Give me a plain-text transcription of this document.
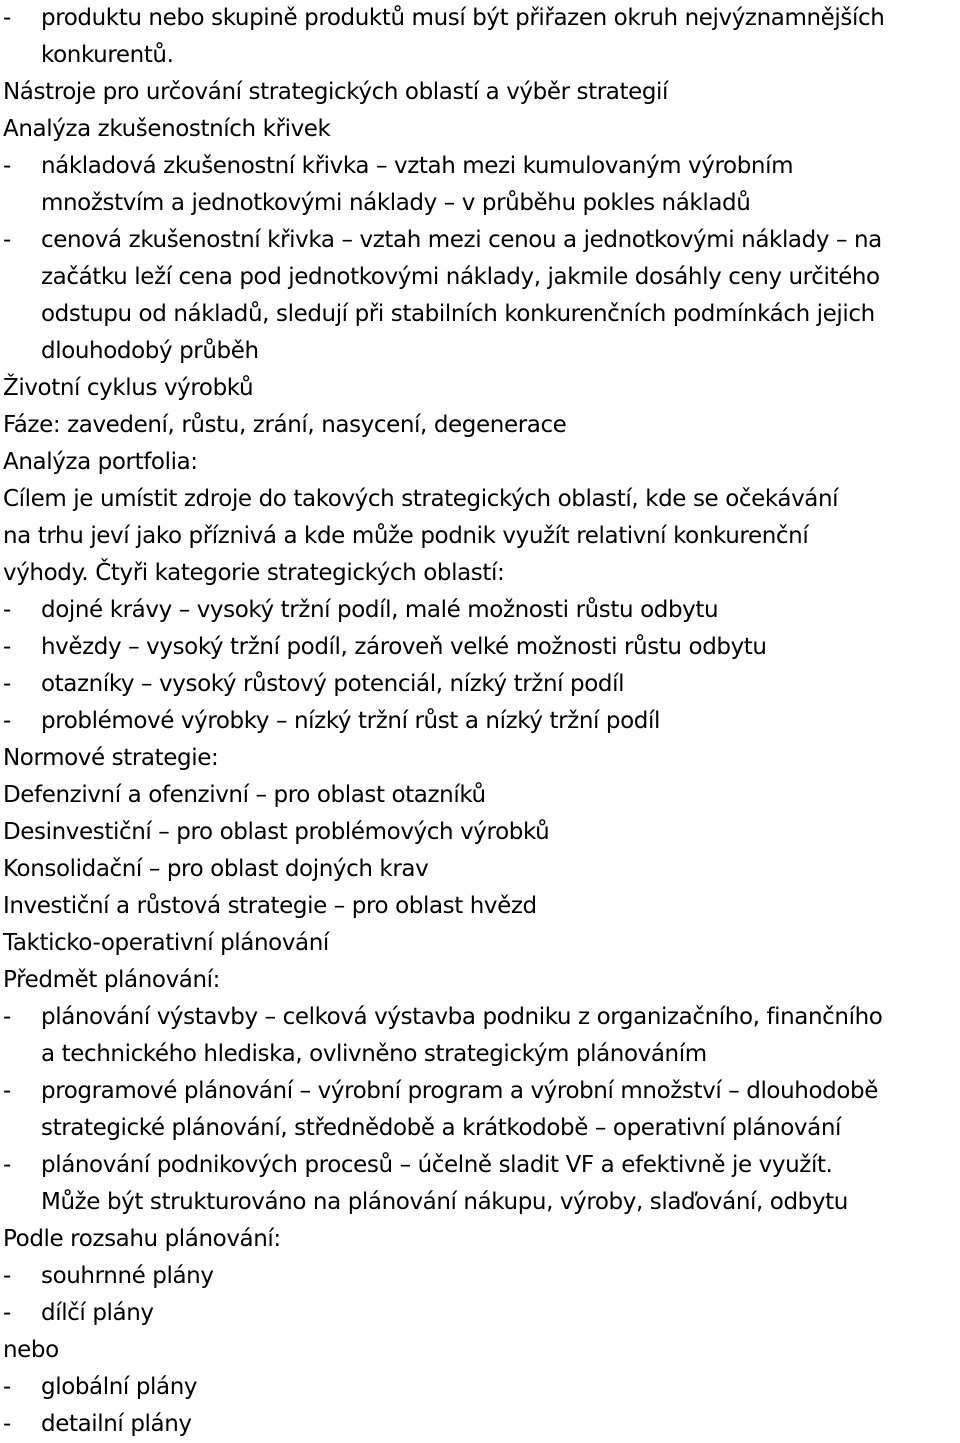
-	produktu nebo skupině produktů musí být přiřazen okruh nejvýznamnějších
konkurentů.
Nástroje pro určování strategických oblastí a výběr strategií
Analýza zkušenostních křivek
-	nákladová zkušenostní křivka – vztah mezi kumulovaným výrobním
množstvím a jednotkovými náklady – v průběhu pokles nákladů
-	cenová zkušenostní křivka – vztah mezi cenou a jednotkovými náklady – na
začátku leží cena pod jednotkovými náklady, jakmile dosáhly ceny určitého
odstupu od nákladů, sledují při stabilních konkurenčních podmínkách jejich
dlouhodobý průběh
Životní cyklus výrobků
Fáze: zavedení, růstu, zrání, nasycení, degenerace
Analýza portfolia:
Cílem je umístit zdroje do takových strategických oblastí, kde se očekávání
na trhu jeví jako příznivá a kde může podnik využít relativní konkurenční
výhody. Čtyři kategorie strategických oblastí:
-	dojné krávy – vysoký tržní podíl, malé možnosti růstu odbytu
-	hvězdy – vysoký tržní podíl, zároveň velké možnosti růstu odbytu
-	otazníky – vysoký růstový potenciál, nízký tržní podíl
-	problémové výrobky – nízký tržní růst a nízký tržní podíl
Normové strategie:
Defenzivní a ofenzivní – pro oblast otazníků
Desinvestiční – pro oblast problémových výrobků
Konsolidační – pro oblast dojných krav
Investiční a růstová strategie – pro oblast hvězd
Takticko-operativní plánování
Předmět plánování:
-	plánování výstavby – celková výstavba podniku z organizačního, finančního
a technického hlediska, ovlivněno strategickým plánováním
-	programové plánování – výrobní program a výrobní množství – dlouhodobě
strategické plánování, střednědobě a krátkodobě – operativní plánování
-	plánování podnikových procesů – účelně sladit VF a efektivně je využít.
Může být strukturováno na plánování nákupu, výroby, slaďování, odbytu
Podle rozsahu plánování:
-	souhrnné plány
-	dílčí plány
nebo
-	globální plány
-	detailní plány
